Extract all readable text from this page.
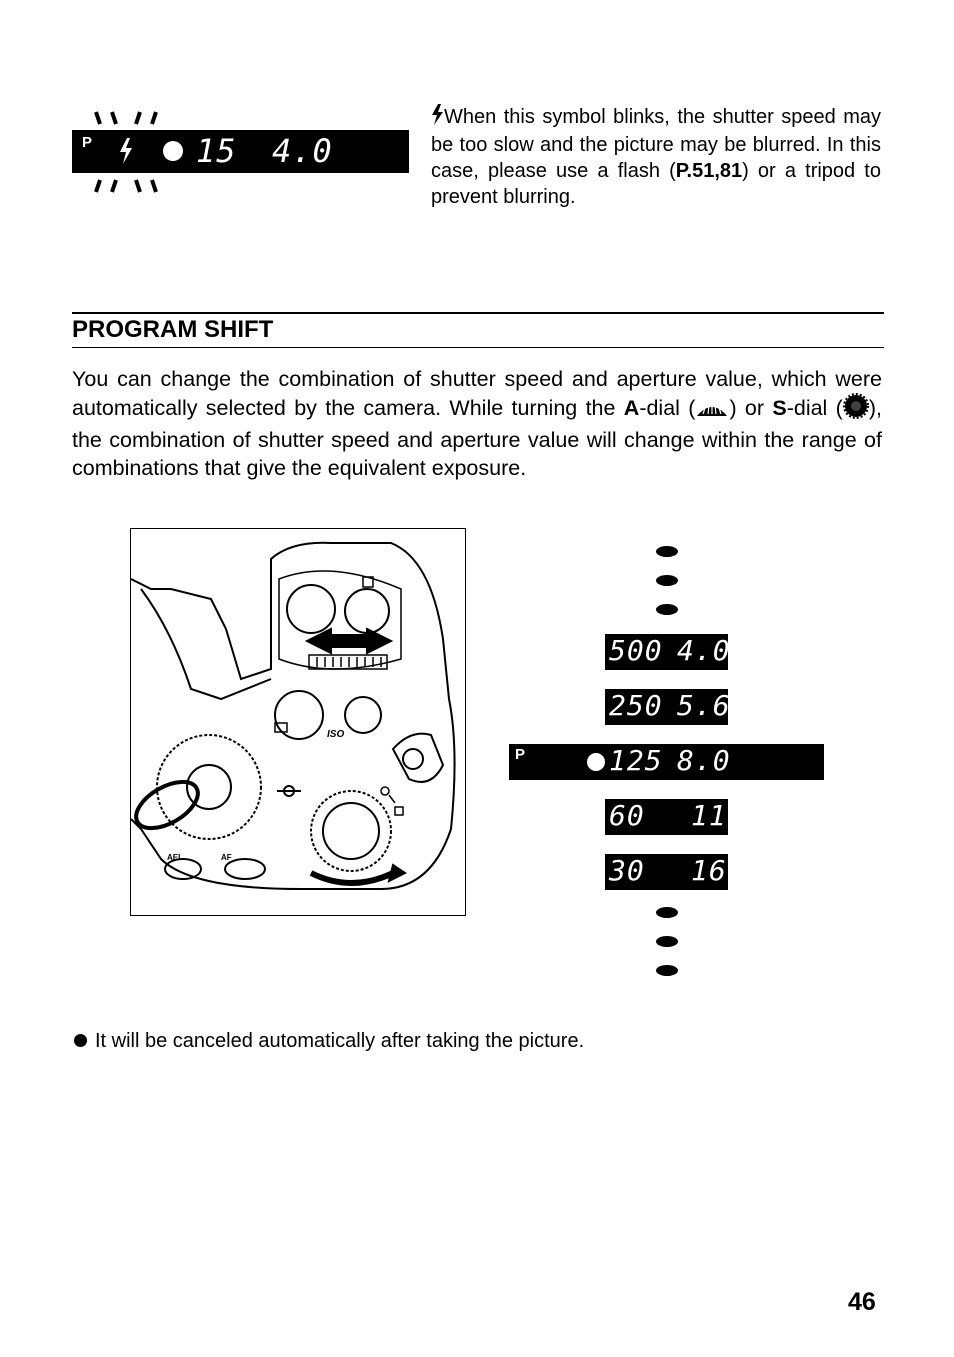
P	15 4.0
When this symbol blinks, the shutter speed may be too slow and the picture may be blurred. In this case, please use a flash (P.51,81) or a tripod to prevent blurring.
PROGRAM SHIFT
You can change the combination of shutter speed and aperture value, which were automatically selected by the camera. While turning the A-dial ( ) or S-dial ( ), the combination of shutter speed and aperture value will change within the range of combinations that give the equivalent exposure.
ISO
AEL	AF
500 4.0
250 5.6
P	125 8.0
60 11
30 16
It will be canceled automatically after taking the picture.
46
